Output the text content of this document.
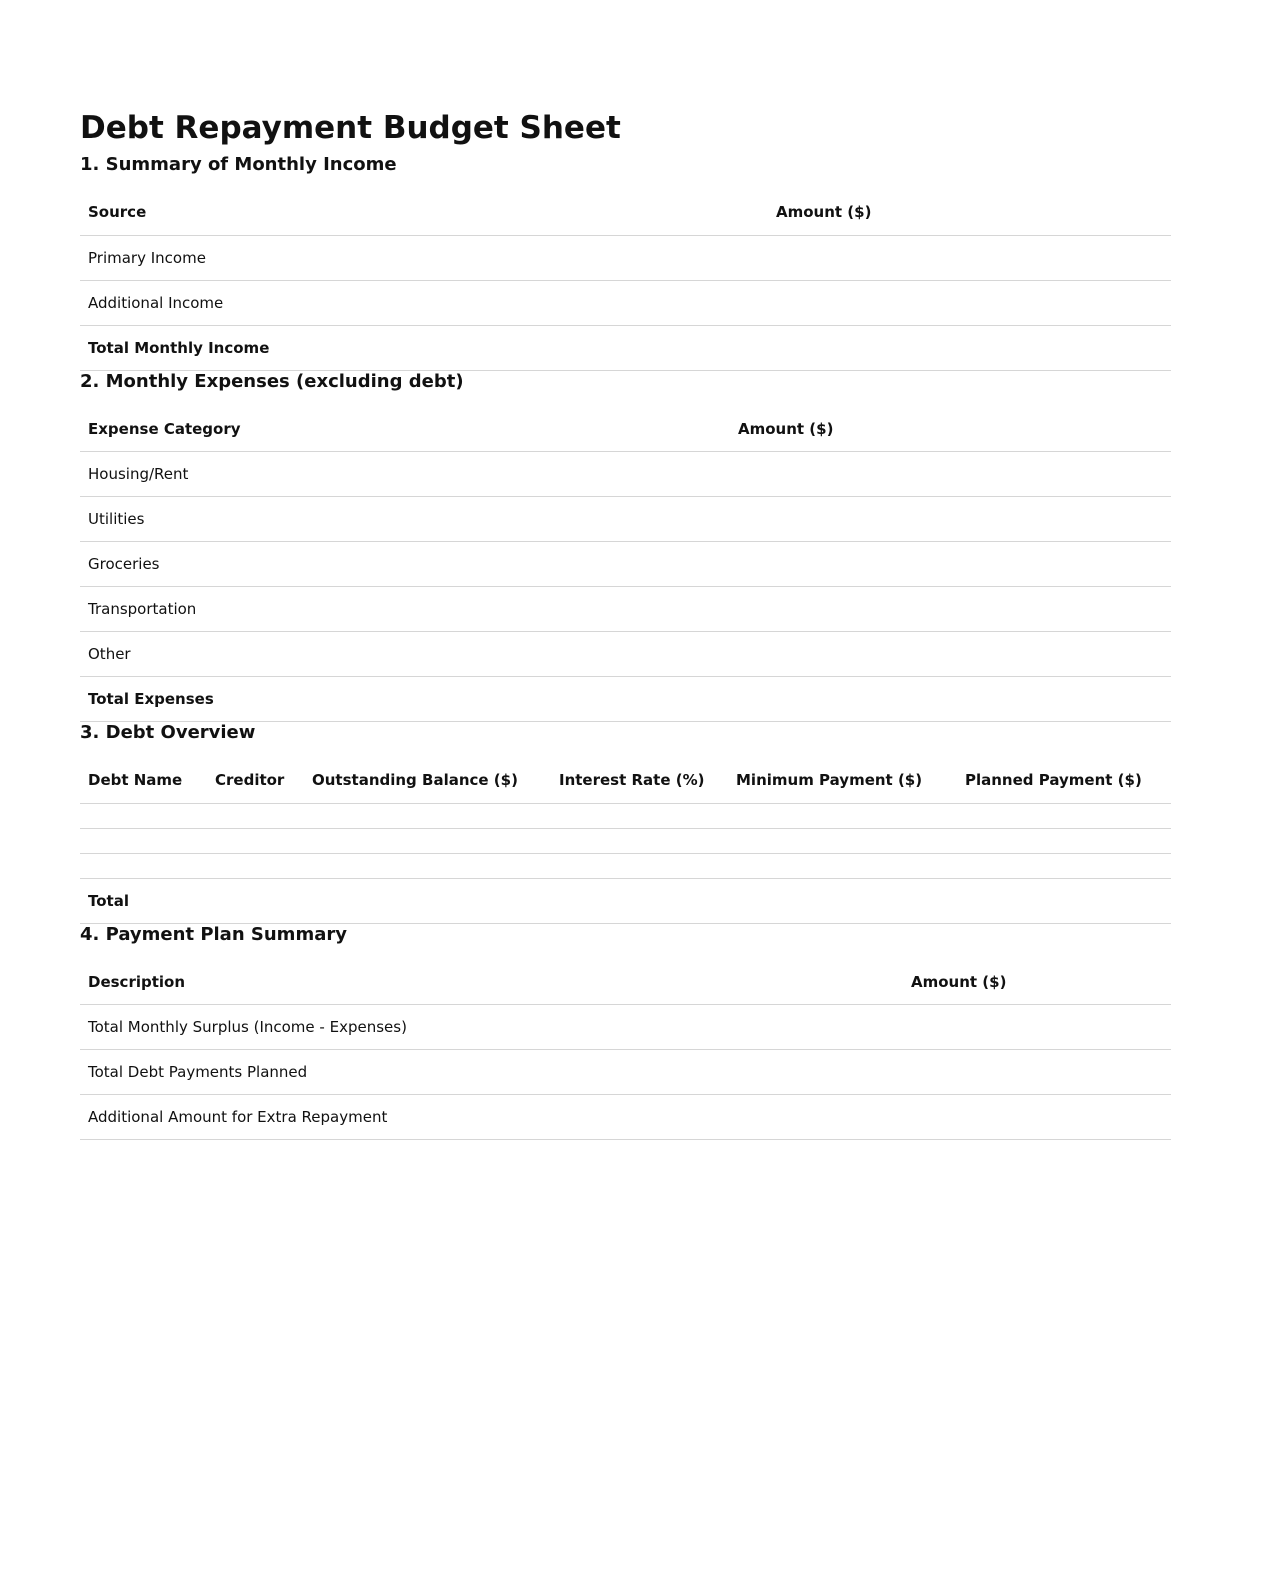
Debt Repayment Budget Sheet
1. Summary of Monthly Income
Source	Amount ($)
Primary Income	
Additional Income	
Total Monthly Income	
2. Monthly Expenses (excluding debt)
Expense Category	Amount ($)
Housing/Rent	
Utilities	
Groceries	
Transportation	
Other	
Total Expenses	
3. Debt Overview
Debt Name	Creditor	Outstanding Balance ($)	Interest Rate (%)	Minimum Payment ($)	Planned Payment ($)

Total					
4. Payment Plan Summary
Description	Amount ($)
Total Monthly Surplus (Income - Expenses)	
Total Debt Payments Planned	
Additional Amount for Extra Repayment	
